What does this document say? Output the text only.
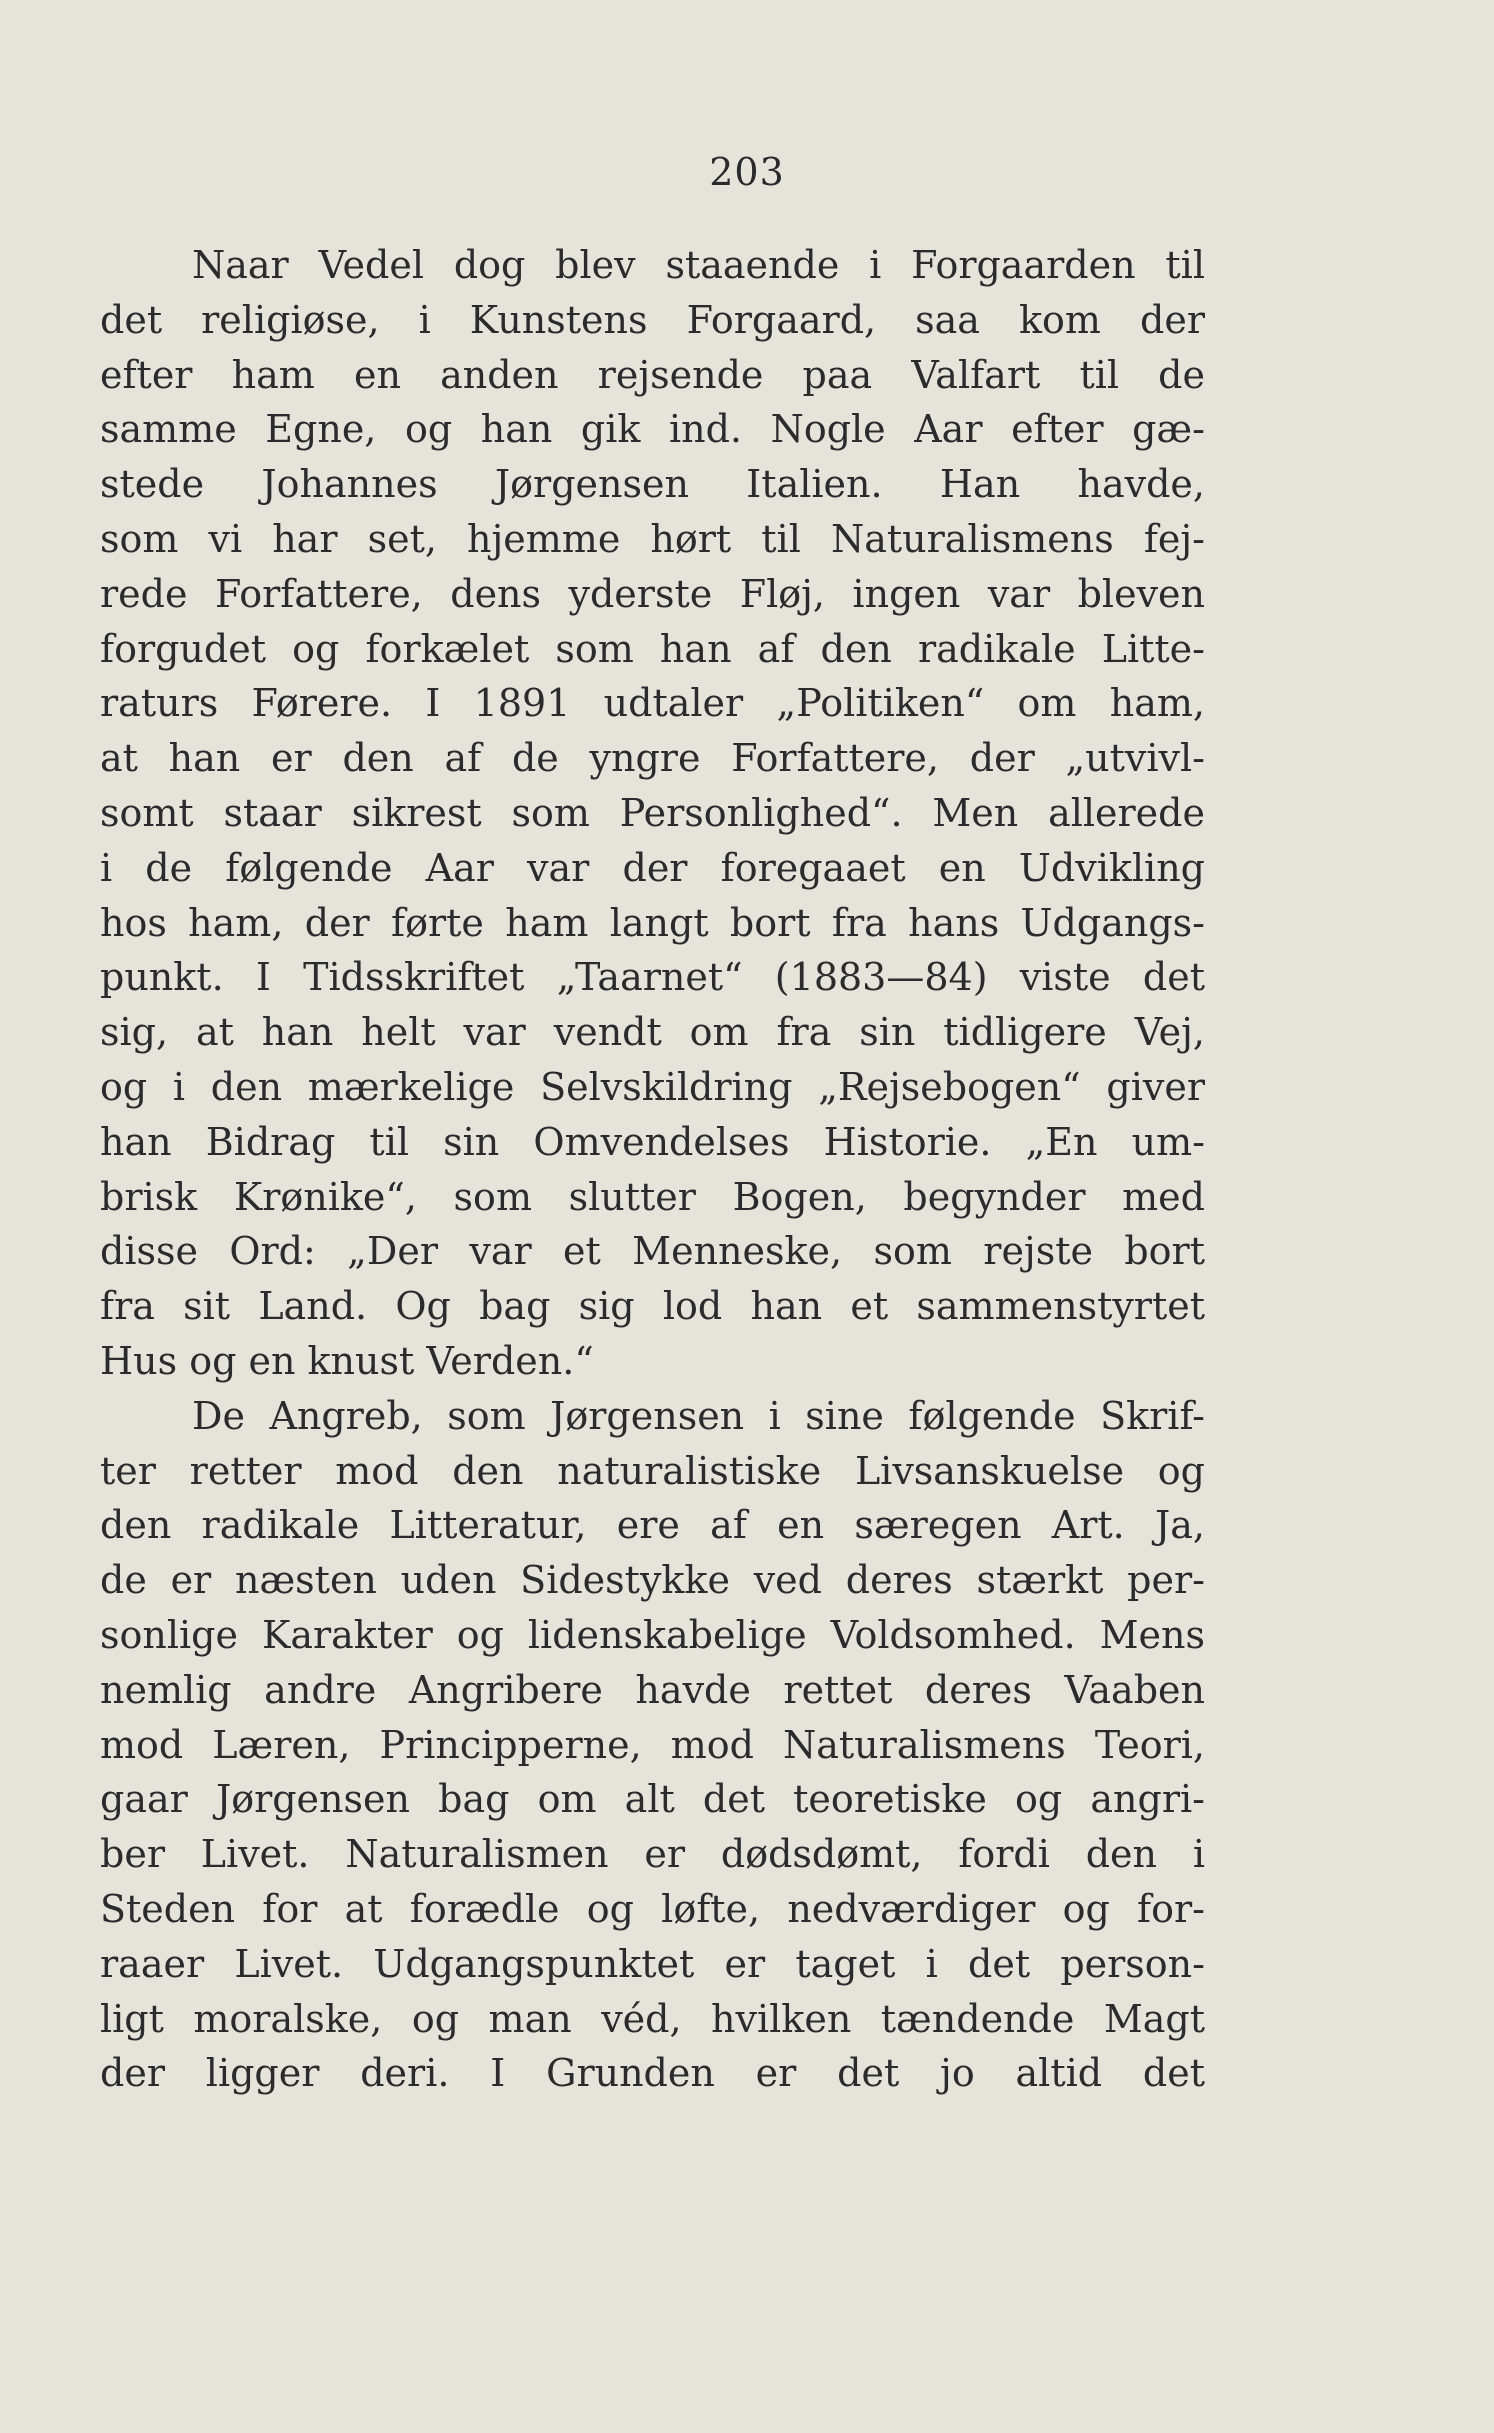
203
Naar Vedel dog blev staaende i Forgaarden til
det religiøse, i Kunstens Forgaard, saa kom der
efter ham en anden rejsende paa Valfart til de
samme Egne, og han gik ind. Nogle Aar efter gæ-
stede Johannes Jørgensen Italien. Han havde,
som vi har set, hjemme hørt til Naturalismens fej-
rede Forfattere, dens yderste Fløj, ingen var bleven
forgudet og forkælet som han af den radikale Litte-
raturs Førere. I 1891 udtaler „Politiken“ om ham,
at han er den af de yngre Forfattere, der „utvivl-
somt staar sikrest som Personlighed“. Men allerede
i de følgende Aar var der foregaaet en Udvikling
hos ham, der førte ham langt bort fra hans Udgangs-
punkt. I Tidsskriftet „Taarnet“ (1883—84) viste det
sig, at han helt var vendt om fra sin tidligere Vej,
og i den mærkelige Selvskildring „Rejsebogen“ giver
han Bidrag til sin Omvendelses Historie. „En um-
brisk Krønike“, som slutter Bogen, begynder med
disse Ord: „Der var et Menneske, som rejste bort
fra sit Land. Og bag sig lod han et sammenstyrtet
Hus og en knust Verden.“
De Angreb, som Jørgensen i sine følgende Skrif-
ter retter mod den naturalistiske Livsanskuelse og
den radikale Litteratur, ere af en særegen Art. Ja,
de er næsten uden Sidestykke ved deres stærkt per-
sonlige Karakter og lidenskabelige Voldsomhed. Mens
nemlig andre Angribere havde rettet deres Vaaben
mod Læren, Principperne, mod Naturalismens Teori,
gaar Jørgensen bag om alt det teoretiske og angri-
ber Livet. Naturalismen er dødsdømt, fordi den i
Steden for at forædle og løfte, nedværdiger og for-
raaer Livet. Udgangspunktet er taget i det person-
ligt moralske, og man véd, hvilken tændende Magt
der ligger deri. I Grunden er det jo altid det
